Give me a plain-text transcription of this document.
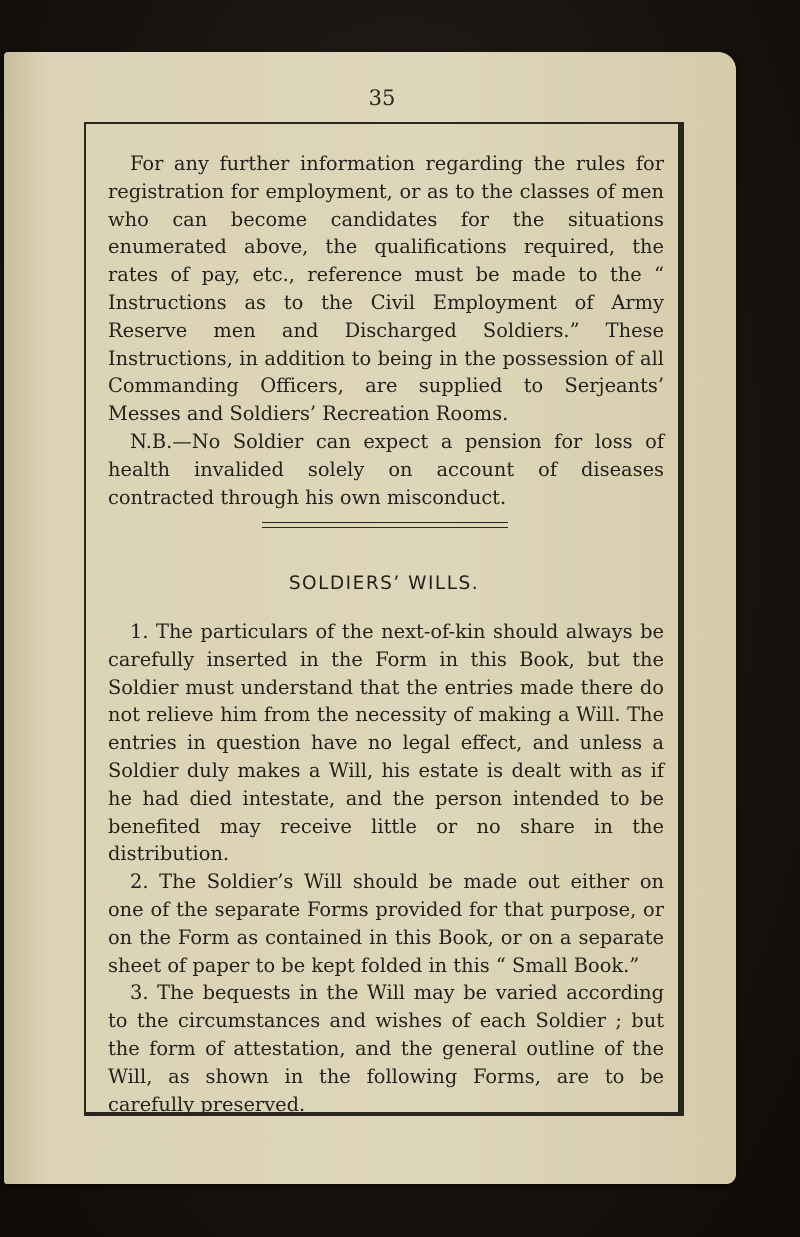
35

For any further information regarding the rules for registration for employment, or as to the classes of men who can become candidates for the situations enumerated above, the qualifications required, the rates of pay, etc., reference must be made to the “ Instructions as to the Civil Employment of Army Reserve men and Discharged Soldiers.” These Instructions, in addition to being in the possession of all Commanding Officers, are supplied to Serjeants’ Messes and Soldiers’ Recreation Rooms.

N.B.—No Soldier can expect a pension for loss of health invalided solely on account of diseases contracted through his own misconduct.

SOLDIERS’ WILLS.

1. The particulars of the next-of-kin should always be carefully inserted in the Form in this Book, but the Soldier must understand that the entries made there do not relieve him from the necessity of making a Will. The entries in question have no legal effect, and unless a Soldier duly makes a Will, his estate is dealt with as if he had died intestate, and the person intended to be benefited may receive little or no share in the distribution.

2. The Soldier’s Will should be made out either on one of the separate Forms provided for that purpose, or on the Form as contained in this Book, or on a separate sheet of paper to be kept folded in this “ Small Book.”

3. The bequests in the Will may be varied according to the circumstances and wishes of each Soldier ; but the form of attestation, and the general outline of the Will, as shown in the following Forms, are to be carefully preserved.
